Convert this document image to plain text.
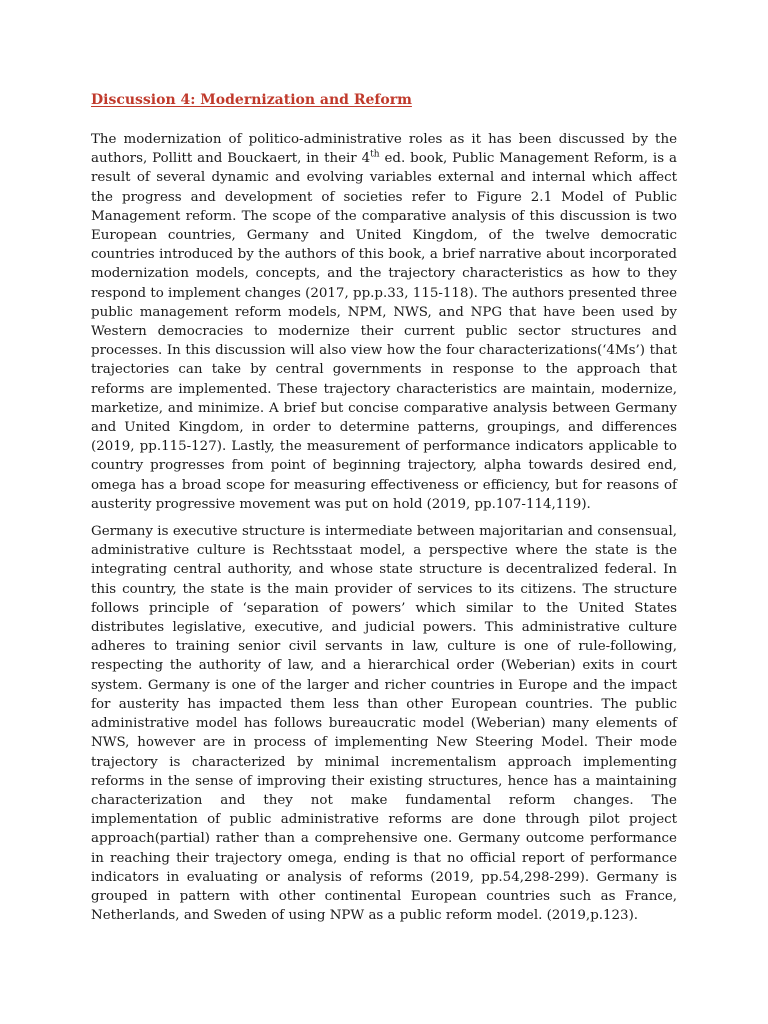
Discussion 4: Modernization and Reform

The modernization of politico-administrative roles as it has been discussed by the authors, Pollitt and Bouckaert, in their 4th ed. book, Public Management Reform, is a result of several dynamic and evolving variables external and internal which affect the progress and development of societies refer to Figure 2.1 Model of Public Management reform. The scope of the comparative analysis of this discussion is two European countries, Germany and United Kingdom, of the twelve democratic countries introduced by the authors of this book, a brief narrative about incorporated modernization models, concepts, and the trajectory characteristics as how to they respond to implement changes (2017, pp.p.33, 115-118). The authors presented three public management reform models, NPM, NWS, and NPG that have been used by Western democracies to modernize their current public sector structures and processes. In this discussion will also view how the four characterizations(‘4Ms’) that trajectories can take by central governments in response to the approach that reforms are implemented. These trajectory characteristics are maintain, modernize, marketize, and minimize. A brief but concise comparative analysis between Germany and United Kingdom, in order to determine patterns, groupings, and differences (2019, pp.115-127). Lastly, the measurement of performance indicators applicable to country progresses from point of beginning trajectory, alpha towards desired end, omega has a broad scope for measuring effectiveness or efficiency, but for reasons of austerity progressive movement was put on hold (2019, pp.107-114,119).

Germany is executive structure is intermediate between majoritarian and consensual, administrative culture is Rechtsstaat model, a perspective where the state is the integrating central authority, and whose state structure is decentralized federal. In this country, the state is the main provider of services to its citizens. The structure follows principle of ‘separation of powers’ which similar to the United States distributes legislative, executive, and judicial powers. This administrative culture adheres to training senior civil servants in law, culture is one of rule-following, respecting the authority of law, and a hierarchical order (Weberian) exits in court system. Germany is one of the larger and richer countries in Europe and the impact for austerity has impacted them less than other European countries. The public administrative model has follows bureaucratic model (Weberian) many elements of NWS, however are in process of implementing New Steering Model. Their mode trajectory is characterized by minimal incrementalism approach implementing reforms in the sense of improving their existing structures, hence has a maintaining characterization and they not make fundamental reform changes. The implementation of public administrative reforms are done through pilot project approach(partial) rather than a comprehensive one. Germany outcome performance in reaching their trajectory omega, ending is that no official report of performance indicators in evaluating or analysis of reforms (2019, pp.54,298-299). Germany is grouped in pattern with other continental European countries such as France, Netherlands, and Sweden of using NPW as a public reform model. (2019,p.123).
